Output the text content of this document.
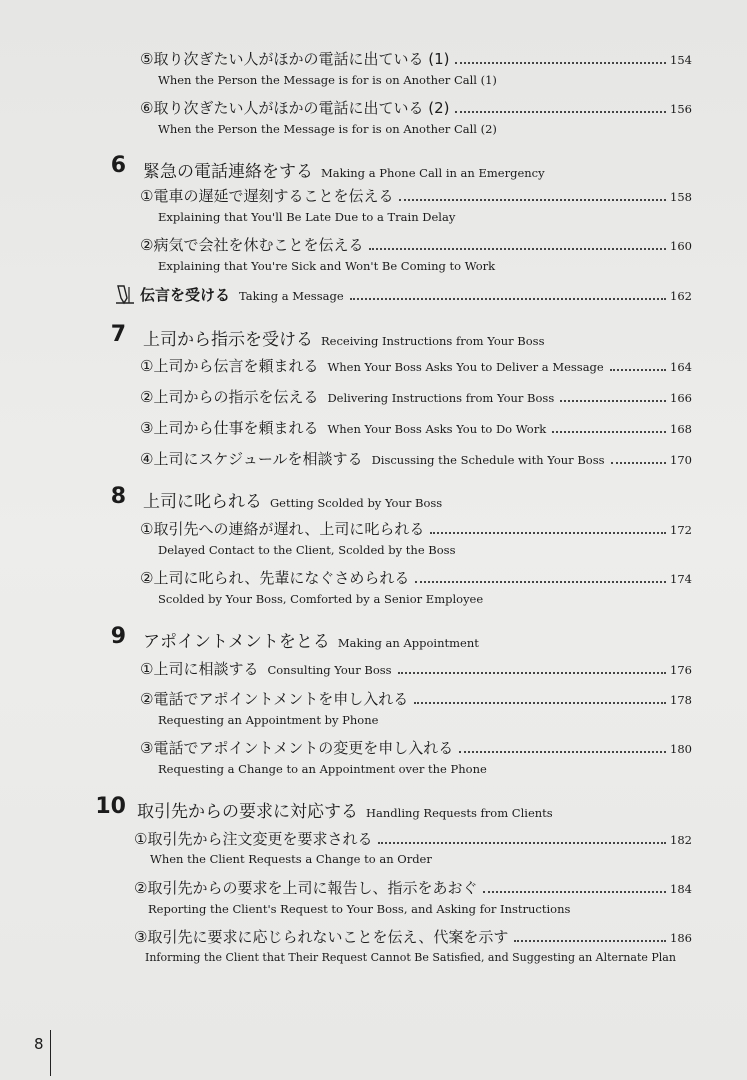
⑤取り次ぎたい人がほかの電話に出ている (1)	154
When the Person the Message is for is on Another Call (1)
⑥取り次ぎたい人がほかの電話に出ている (2)	156
When the Person the Message is for is on Another Call (2)
6 緊急の電話連絡をする Making a Phone Call in an Emergency
①電車の遅延で遅刻することを伝える	158
Explaining that You'll Be Late Due to a Train Delay
②病気で会社を休むことを伝える	160
Explaining that You're Sick and Won't Be Coming to Work
伝言を受ける Taking a Message	162
7 上司から指示を受ける Receiving Instructions from Your Boss
①上司から伝言を頼まれる When Your Boss Asks You to Deliver a Message	164
②上司からの指示を伝える Delivering Instructions from Your Boss	166
③上司から仕事を頼まれる When Your Boss Asks You to Do Work	168
④上司にスケジュールを相談する Discussing the Schedule with Your Boss	170
8 上司に叱られる Getting Scolded by Your Boss
①取引先への連絡が遅れ、上司に叱られる	172
Delayed Contact to the Client, Scolded by the Boss
②上司に叱られ、先輩になぐさめられる	174
Scolded by Your Boss, Comforted by a Senior Employee
9 アポイントメントをとる Making an Appointment
①上司に相談する Consulting Your Boss	176
②電話でアポイントメントを申し入れる	178
Requesting an Appointment by Phone
③電話でアポイントメントの変更を申し入れる	180
Requesting a Change to an Appointment over the Phone
10 取引先からの要求に対応する Handling Requests from Clients
①取引先から注文変更を要求される	182
When the Client Requests a Change to an Order
②取引先からの要求を上司に報告し、指示をあおぐ	184
Reporting the Client's Request to Your Boss, and Asking for Instructions
③取引先に要求に応じられないことを伝え、代案を示す	186
Informing the Client that Their Request Cannot Be Satisfied, and Suggesting an Alternate Plan
8
